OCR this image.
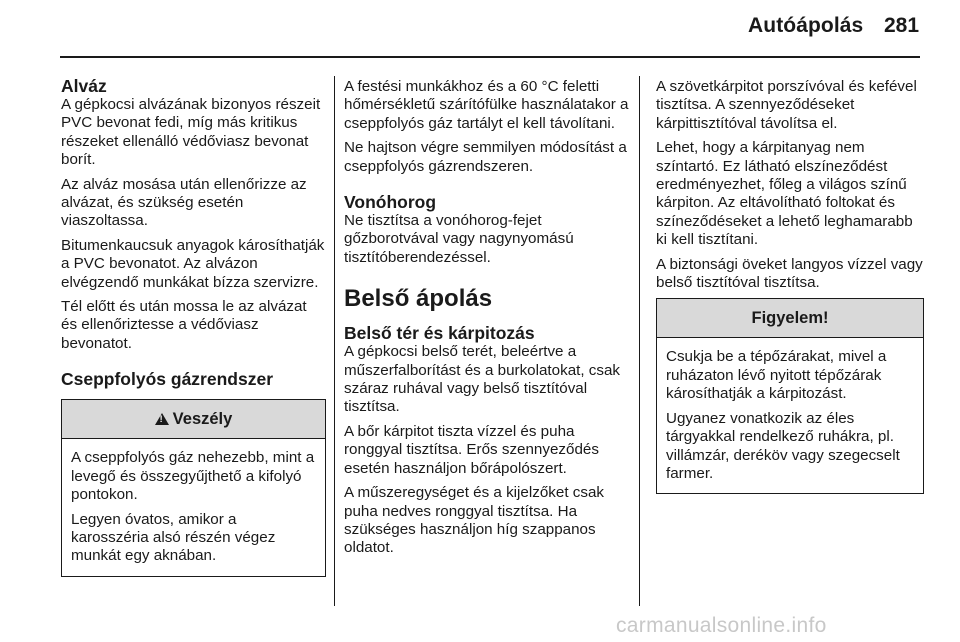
Autóápolás 281
Alváz

A gépkocsi alvázának bizonyos részeit PVC bevonat fedi, míg más kritikus részeket ellenálló védőviasz bevonat borít.

Az alváz mosása után ellenőrizze az alvázat, és szükség esetén viaszoltassa.

Bitumenkaucsuk anyagok károsíthatják a PVC bevonatot. Az alvázon elvégzendő munkákat bízza szervizre.

Tél előtt és után mossa le az alvázat és ellenőriztesse a védőviasz bevonatot.

Cseppfolyós gázrendszer
!Veszély

A cseppfolyós gáz nehezebb, mint a levegő és összegyűjthető a kifolyó pontokon.

Legyen óvatos, amikor a karosszéria alsó részén végez munkát egy aknában.

A festési munkákhoz és a 60 °C feletti hőmérsékletű szárítófülke használatakor a cseppfolyós gáz tartályt el kell távolítani.

Ne hajtson végre semmilyen módosítást a cseppfolyós gázrendszeren.

Vonóhorog

Ne tisztítsa a vonóhorog-fejet gőzborotvával vagy nagynyomású tisztítóberendezéssel.

Belső ápolás
Belső tér és kárpitozás

A gépkocsi belső terét, beleértve a műszerfalborítást és a burkolatokat, csak száraz ruhával vagy belső tisztítóval tisztítsa.

A bőr kárpitot tiszta vízzel és puha ronggyal tisztítsa. Erős szennyeződés esetén használjon bőrápolószert.

A műszeregységet és a kijelzőket csak puha nedves ronggyal tisztítsa. Ha szükséges használjon híg szappanos oldatot.

A szövetkárpitot porszívóval és kefével tisztítsa. A szennyeződéseket kárpittisztítóval távolítsa el.

Lehet, hogy a kárpitanyag nem színtartó. Ez látható elszíneződést eredményezhet, főleg a világos színű kárpiton. Az eltávolítható foltokat és színeződéseket a lehető leghamarabb ki kell tisztítani.

A biztonsági öveket langyos vízzel vagy belső tisztítóval tisztítsa.

Figyelem!

Csukja be a tépőzárakat, mivel a ruházaton lévő nyitott tépőzárak károsíthatják a kárpitozást.

Ugyanez vonatkozik az éles tárgyakkal rendelkező ruhákra, pl. villámzár, deréköv vagy szegecselt farmer.

carmanualsonline.info
